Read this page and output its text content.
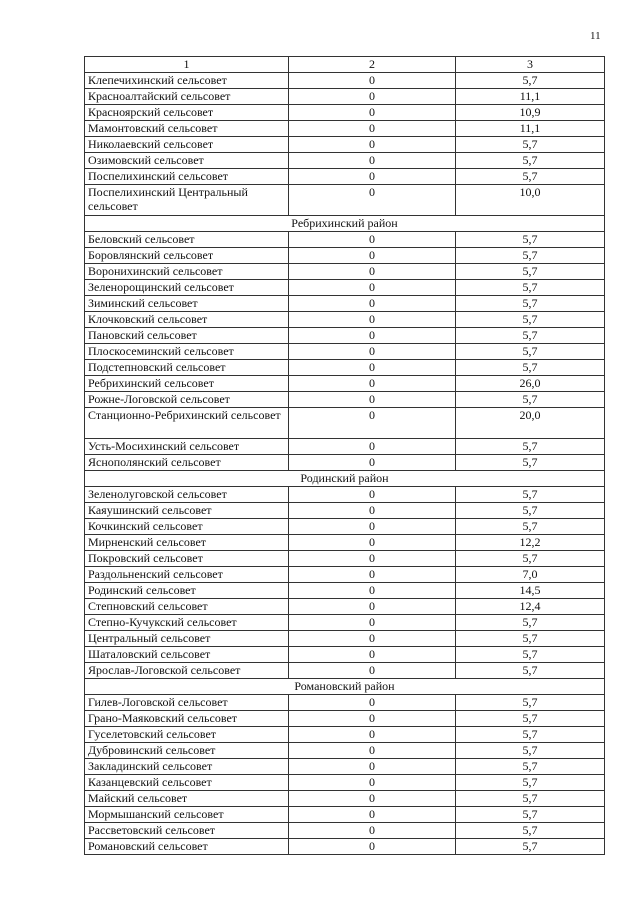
11
1	2	3
Клепечихинский сельсовет	0	5,7
Красноалтайский сельсовет	0	11,1
Красноярский сельсовет	0	10,9
Мамонтовский сельсовет	0	11,1
Николаевский сельсовет	0	5,7
Озимовский сельсовет	0	5,7
Поспелихинский сельсовет	0	5,7
Поспелихинский Центральный сельсовет	0	10,0
Ребрихинский район		
Беловский сельсовет	0	5,7
Боровлянский сельсовет	0	5,7
Воронихинский сельсовет	0	5,7
Зеленорощинский сельсовет	0	5,7
Зиминский сельсовет	0	5,7
Клочковский сельсовет	0	5,7
Пановский сельсовет	0	5,7
Плоскосеминский сельсовет	0	5,7
Подстепновский сельсовет	0	5,7
Ребрихинский сельсовет	0	26,0
Рожне-Логовской сельсовет	0	5,7
Станционно-Ребрихинский сельсовет	0	20,0
Усть-Мосихинский сельсовет	0	5,7
Яснополянский сельсовет	0	5,7
Родинский район		
Зеленолуговской сельсовет	0	5,7
Каяушинский сельсовет	0	5,7
Кочкинский сельсовет	0	5,7
Мирненский сельсовет	0	12,2
Покровский сельсовет	0	5,7
Раздольненский сельсовет	0	7,0
Родинский сельсовет	0	14,5
Степновский сельсовет	0	12,4
Степно-Кучукский сельсовет	0	5,7
Центральный сельсовет	0	5,7
Шаталовский сельсовет	0	5,7
Ярослав-Логовской сельсовет	0	5,7
Романовский район		
Гилев-Логовской сельсовет	0	5,7
Грано-Маяковский сельсовет	0	5,7
Гуселетовский сельсовет	0	5,7
Дубровинский сельсовет	0	5,7
Закладинский сельсовет	0	5,7
Казанцевский сельсовет	0	5,7
Майский сельсовет	0	5,7
Мормышанский сельсовет	0	5,7
Рассветовский сельсовет	0	5,7
Романовский сельсовет	0	5,7
